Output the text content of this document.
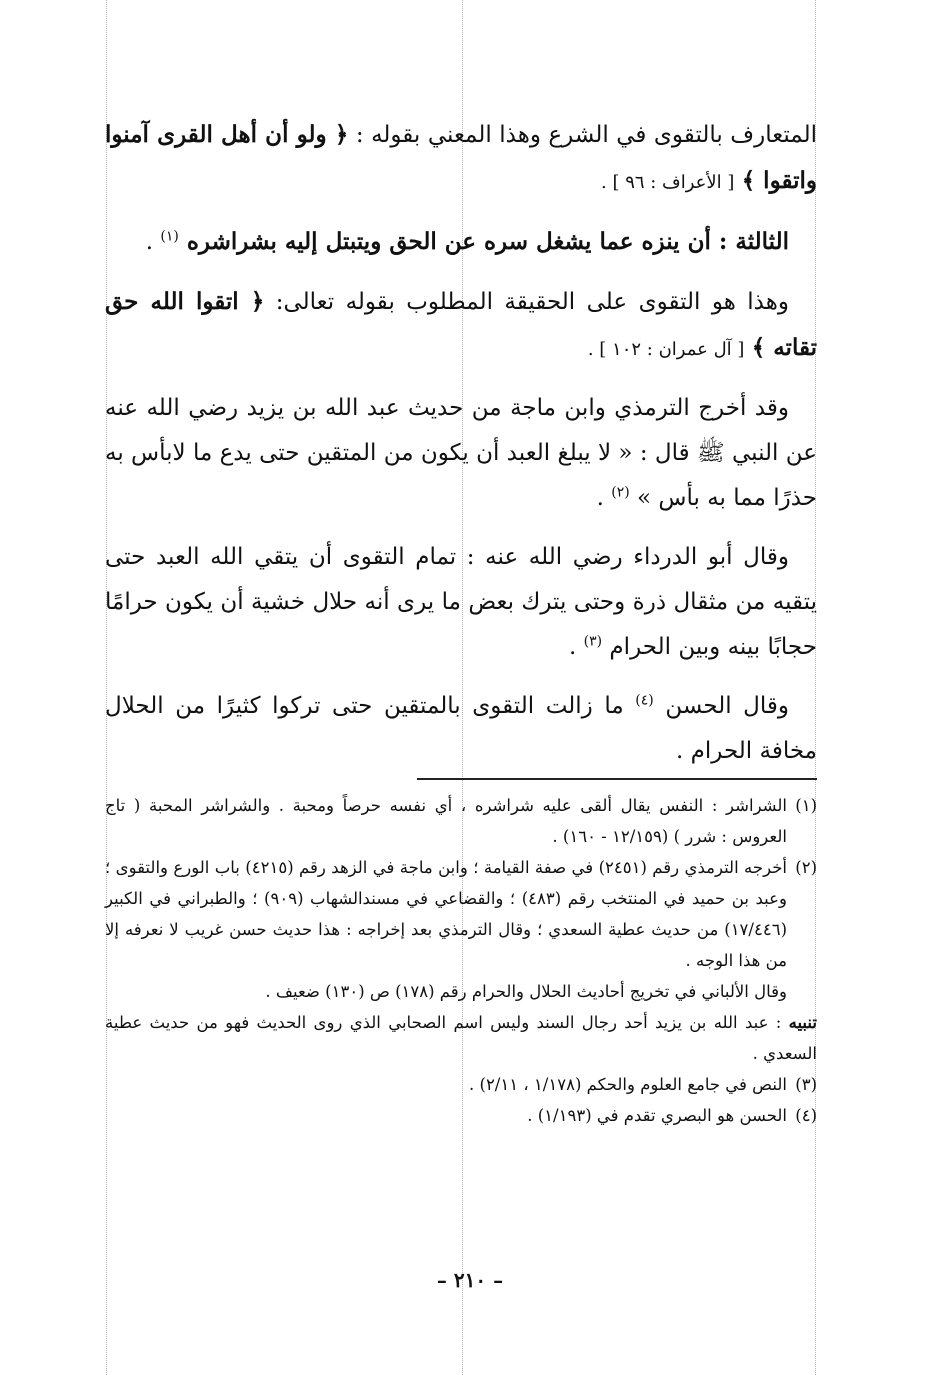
المتعارف بالتقوى في الشرع وهذا المعني بقوله : ﴿ ولو أن أهل القرى آمنوا واتقوا ﴾ [ الأعراف : ٩٦ ] .

الثالثة : أن ينزه عما يشغل سره عن الحق ويتبتل إليه بشراشره $^{(١)}$ .

وهذا هو التقوى على الحقيقة المطلوب بقوله تعالى: ﴿ اتقوا الله حق تقاته ﴾ [ آل عمران : ١٠٢ ] .

وقد أخرج الترمذي وابن ماجة من حديث عبد الله بن يزيد رضي الله عنه عن النبي ﷺ قال : « لا يبلغ العبد أن يكون من المتقين حتى يدع ما لابأس به حذرًا مما به بأس » $^{(٢)}$ .

وقال أبو الدرداء رضي الله عنه : تمام التقوى أن يتقي الله العبد حتى يتقيه من مثقال ذرة وحتى يترك بعض ما يرى أنه حلال خشية أن يكون حرامًا حجابًا بينه وبين الحرام $^{(٣)}$ .

وقال الحسن $^{(٤)}$ ما زالت التقوى بالمتقين حتى تركوا كثيرًا من الحلال مخافة الحرام .

(١)
الشراشر : النفس يقال ألقى عليه شراشره ، أي نفسه حرصاً ومحبة . والشراشر المحبة ( تاج العروس : شرر ) (١٢/١٥٩ - ١٦٠) .

(٢)
أخرجه الترمذي رقم (٢٤٥١) في صفة القيامة ؛ وابن ماجة في الزهد رقم (٤٢١٥) باب الورع والتقوى ؛ وعبد بن حميد في المنتخب رقم (٤٨٣) ؛ والقضاعي في مسندالشهاب (٩٠٩) ؛ والطبراني في الكبير (١٧/٤٤٦) من حديث عطية السعدي ؛ وقال الترمذي بعد إخراجه : هذا حديث حسن غريب لا نعرفه إلا من هذا الوجه .

وقال الألباني في تخريج أحاديث الحلال والحرام رقم (١٧٨) ص (١٣٠) ضعيف .

تنبيه : عبد الله بن يزيد أحد رجال السند وليس اسم الصحابي الذي روى الحديث فهو من حديث عطية السعدي .

(٣)
النص في جامع العلوم والحكم (١/١٧٨ ، ٢/١١) .

(٤)
الحسن هو البصري تقدم في (١/١٩٣) .

– ٢١٠ –
